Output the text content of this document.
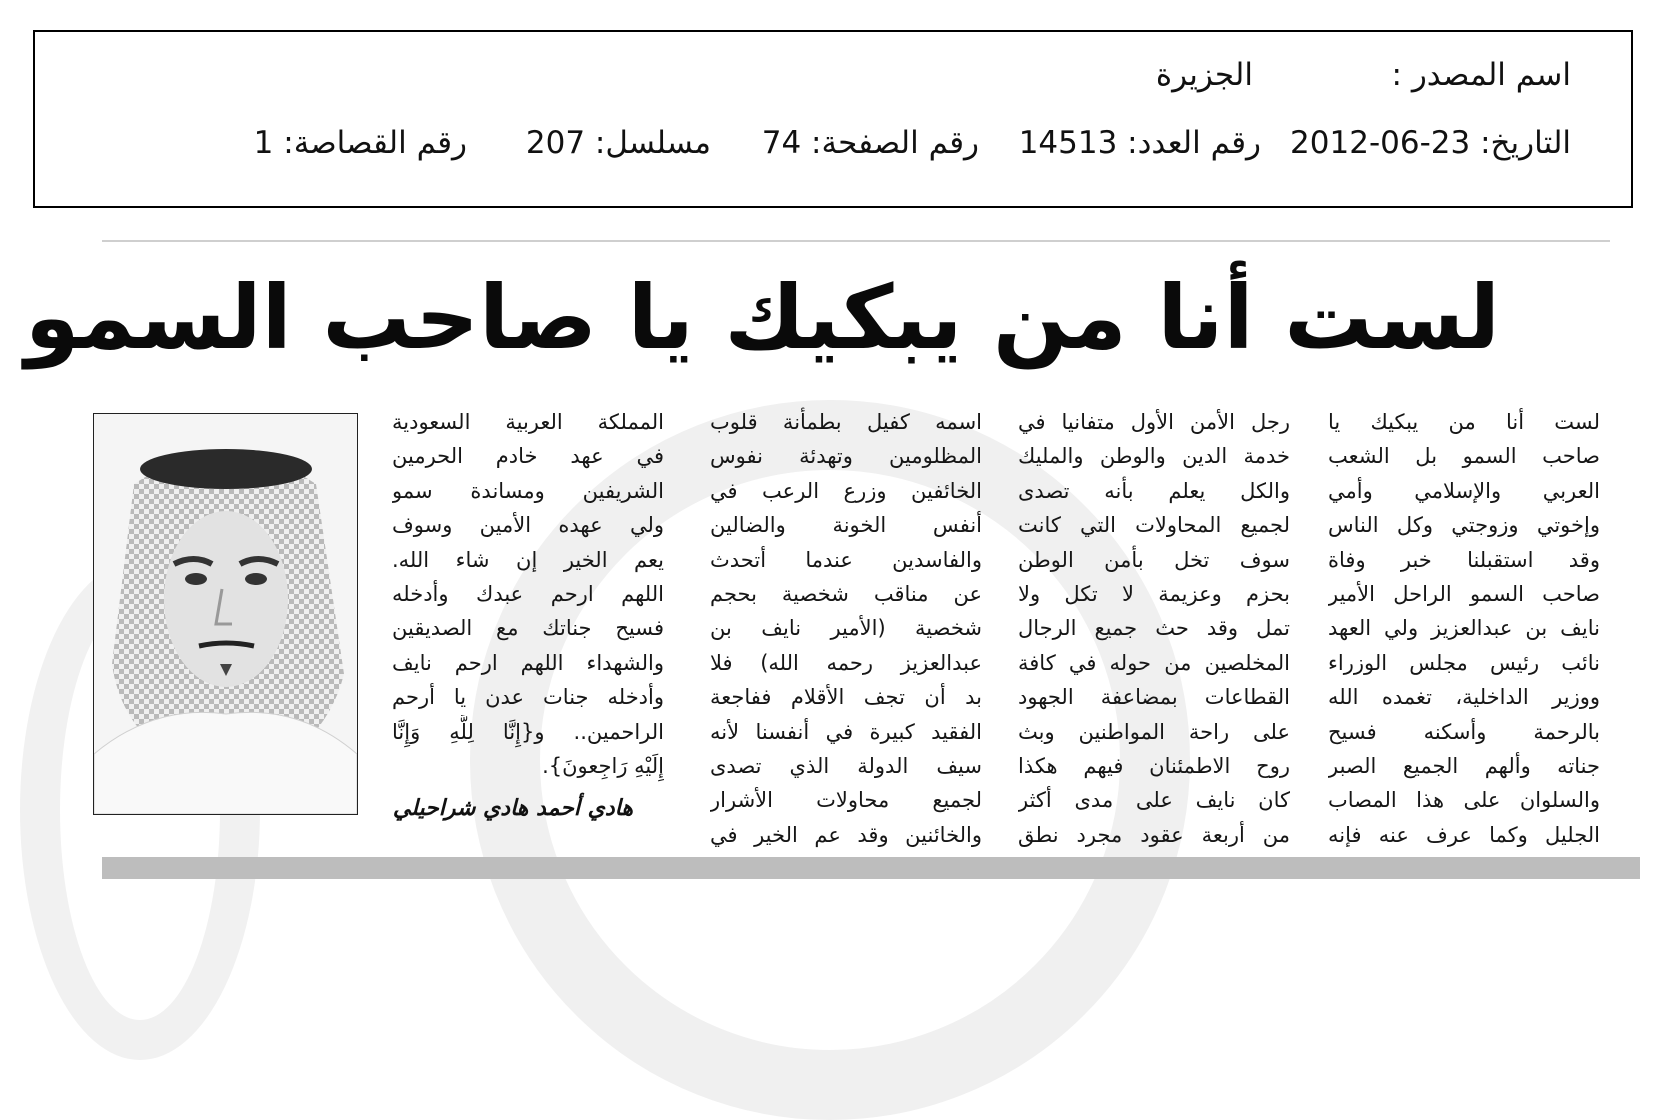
اسم المصدر :
الجزيرة
التاريخ: 23-06-2012
رقم العدد: 14513
رقم الصفحة: 74
مسلسل: 207
رقم القصاصة: 1
لست أنا من يبكيك يا صاحب السمو
لست أنا من يبكيك يا
صاحب السمو بل الشعب
العربي والإسلامي وأمي
وإخوتي وزوجتي وكل الناس
وقد استقبلنا خبر وفاة
صاحب السمو الراحل الأمير
نايف بن عبدالعزيز ولي العهد
نائب رئيس مجلس الوزراء
ووزير الداخلية، تغمده الله
بالرحمة وأسكنه فسيح
جناته وألهم الجميع الصبر
والسلوان على هذا المصاب
الجليل وكما عرف عنه فإنه
رجل الأمن الأول متفانيا في
خدمة الدين والوطن والمليك
والكل يعلم بأنه تصدى
لجميع المحاولات التي كانت
سوف تخل بأمن الوطن
بحزم وعزيمة لا تكل ولا
تمل وقد حث جميع الرجال
المخلصين من حوله في كافة
القطاعات بمضاعفة الجهود
على راحة المواطنين وبث
روح الاطمئنان فيهم هكذا
كان نايف على مدى أكثر
من أربعة عقود مجرد نطق
اسمه كفيل بطمأنة قلوب
المظلومين وتهدئة نفوس
الخائفين وزرع الرعب في
أنفس الخونة والضالين
والفاسدين عندما أتحدث
عن مناقب شخصية بحجم
شخصية (الأمير نايف بن
عبدالعزيز رحمه الله) فلا
بد أن تجف الأقلام ففاجعة
الفقيد كبيرة في أنفسنا لأنه
سيف الدولة الذي تصدى
لجميع محاولات الأشرار
والخائنين وقد عم الخير في
المملكة العربية السعودية
في عهد خادم الحرمين
الشريفين ومساندة سمو
ولي عهده الأمين وسوف
يعم الخير إن شاء الله.
اللهم ارحم عبدك وأدخله
فسيح جناتك مع الصديقين
والشهداء اللهم ارحم نايف
وأدخله جنات عدن يا أرحم
الراحمين.. و{إِنَّا لِلَّهِ وَإِنَّا
إِلَيْهِ رَاجِعونَ}.
هادي أحمد هادي شراحيلي
